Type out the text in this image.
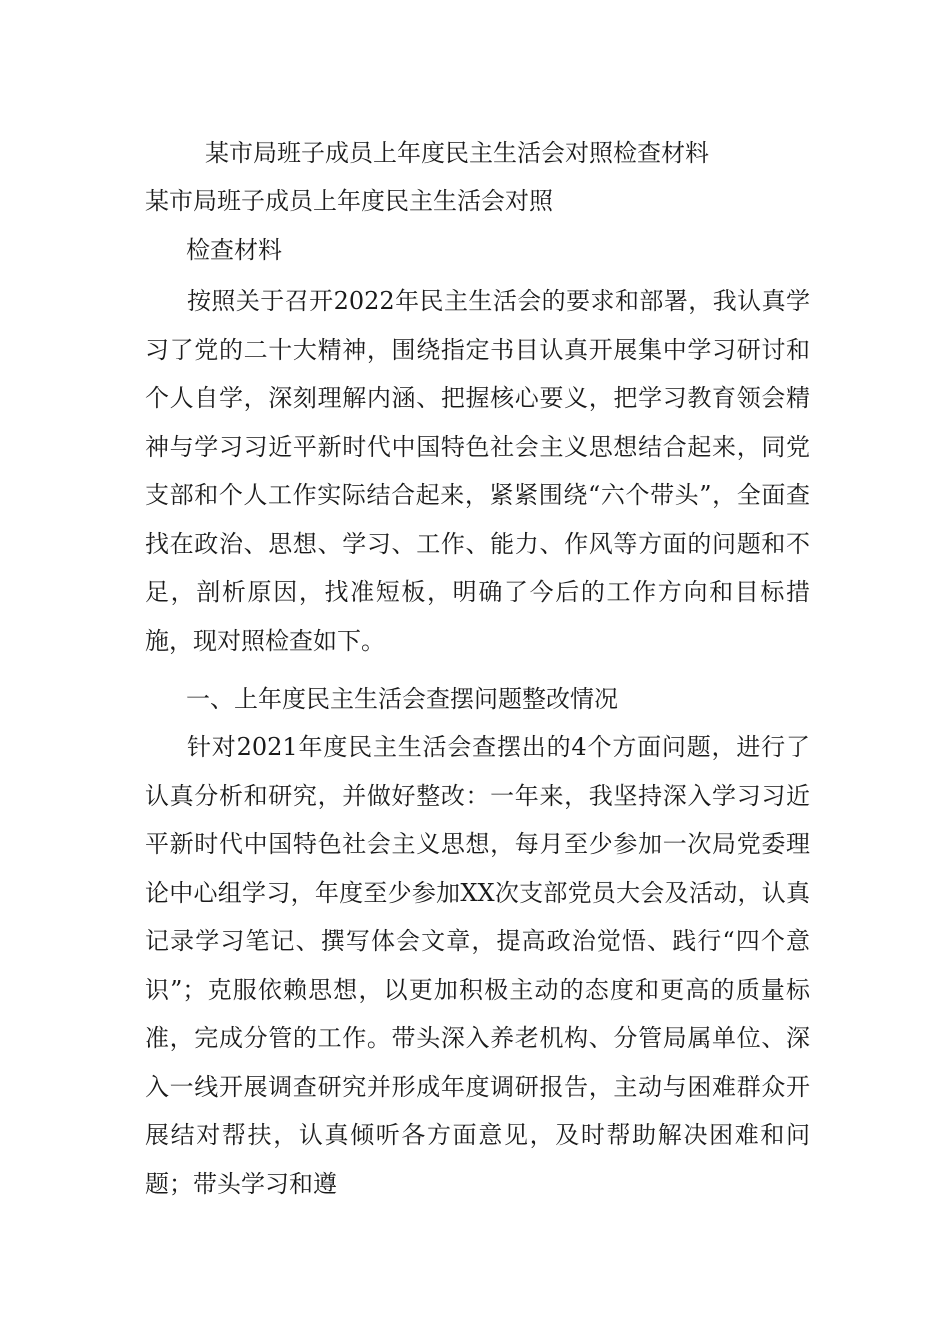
某市局班子成员上年度民主生活会对照检查材料
某市局班子成员上年度民主生活会对照
检查材料

按照关于召开2022年民主生活会的要求和部署，我认真学习了党的二十大精神，围绕指定书目认真开展集中学习研讨和个人自学，深刻理解内涵、把握核心要义，把学习教育领会精神与学习习近平新时代中国特色社会主义思想结合起来，同党支部和个人工作实际结合起来，紧紧围绕“六个带头”，全面查找在政治、思想、学习、工作、能力、作风等方面的问题和不足，剖析原因，找准短板，明确了今后的工作方向和目标措施，现对照检查如下。

一、上年度民主生活会查摆问题整改情况

针对2021年度民主生活会查摆出的4个方面问题，进行了认真分析和研究，并做好整改：一年来，我坚持深入学习习近平新时代中国特色社会主义思想，每月至少参加一次局党委理论中心组学习，年度至少参加XX次支部党员大会及活动，认真记录学习笔记、撰写体会文章，提高政治觉悟、践行“四个意识”；克服依赖思想，以更加积极主动的态度和更高的质量标准，完成分管的工作。带头深入养老机构、分管局属单位、深入一线开展调查研究并形成年度调研报告，主动与困难群众开展结对帮扶，认真倾听各方面意见，及时帮助解决困难和问题；带头学习和遵
